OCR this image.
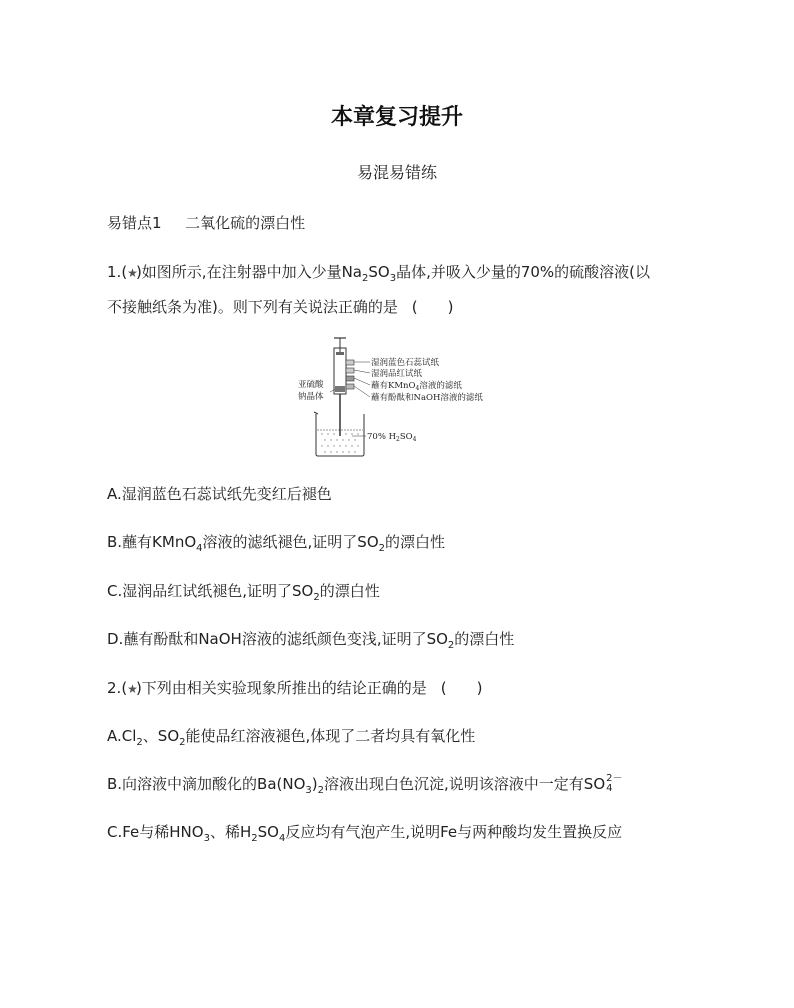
本章复习提升
易混易错练
易错点1 二氧化硫的漂白性
1.(★)如图所示,在注射器中加入少量$Na_2SO_3$晶体,并吸入少量的70%的硫酸溶液(以
不接触纸条为准)。则下列有关说法正确的是 (　　)
湿润蓝色石蕊试纸
湿润品红试纸
蘸有KMnO$_4$溶液的滤纸
蘸有酚酞和NaOH溶液的滤纸
亚硫酸
钠晶体
70% $H_2SO_4$
A.湿润蓝色石蕊试纸先变红后褪色
B.蘸有KMnO$_4$溶液的滤纸褪色,证明了$SO_2$的漂白性
C.湿润品红试纸褪色,证明了$SO_2$的漂白性
D.蘸有酚酞和NaOH溶液的滤纸颜色变浅,证明了$SO_2$的漂白性
2.(★)下列由相关实验现象所推出的结论正确的是 (　　)
$A.Cl_2$、$SO_2$能使品红溶液褪色,体现了二者均具有氧化性
B.向溶液中滴加酸化的$Ba(NO_3)_2$溶液出现白色沉淀,说明该溶液中一定有SO 2－
4
C.Fe与稀$HNO_3$、稀$H_2SO_4$反应均有气泡产生,说明Fe与两种酸均发生置换反应
